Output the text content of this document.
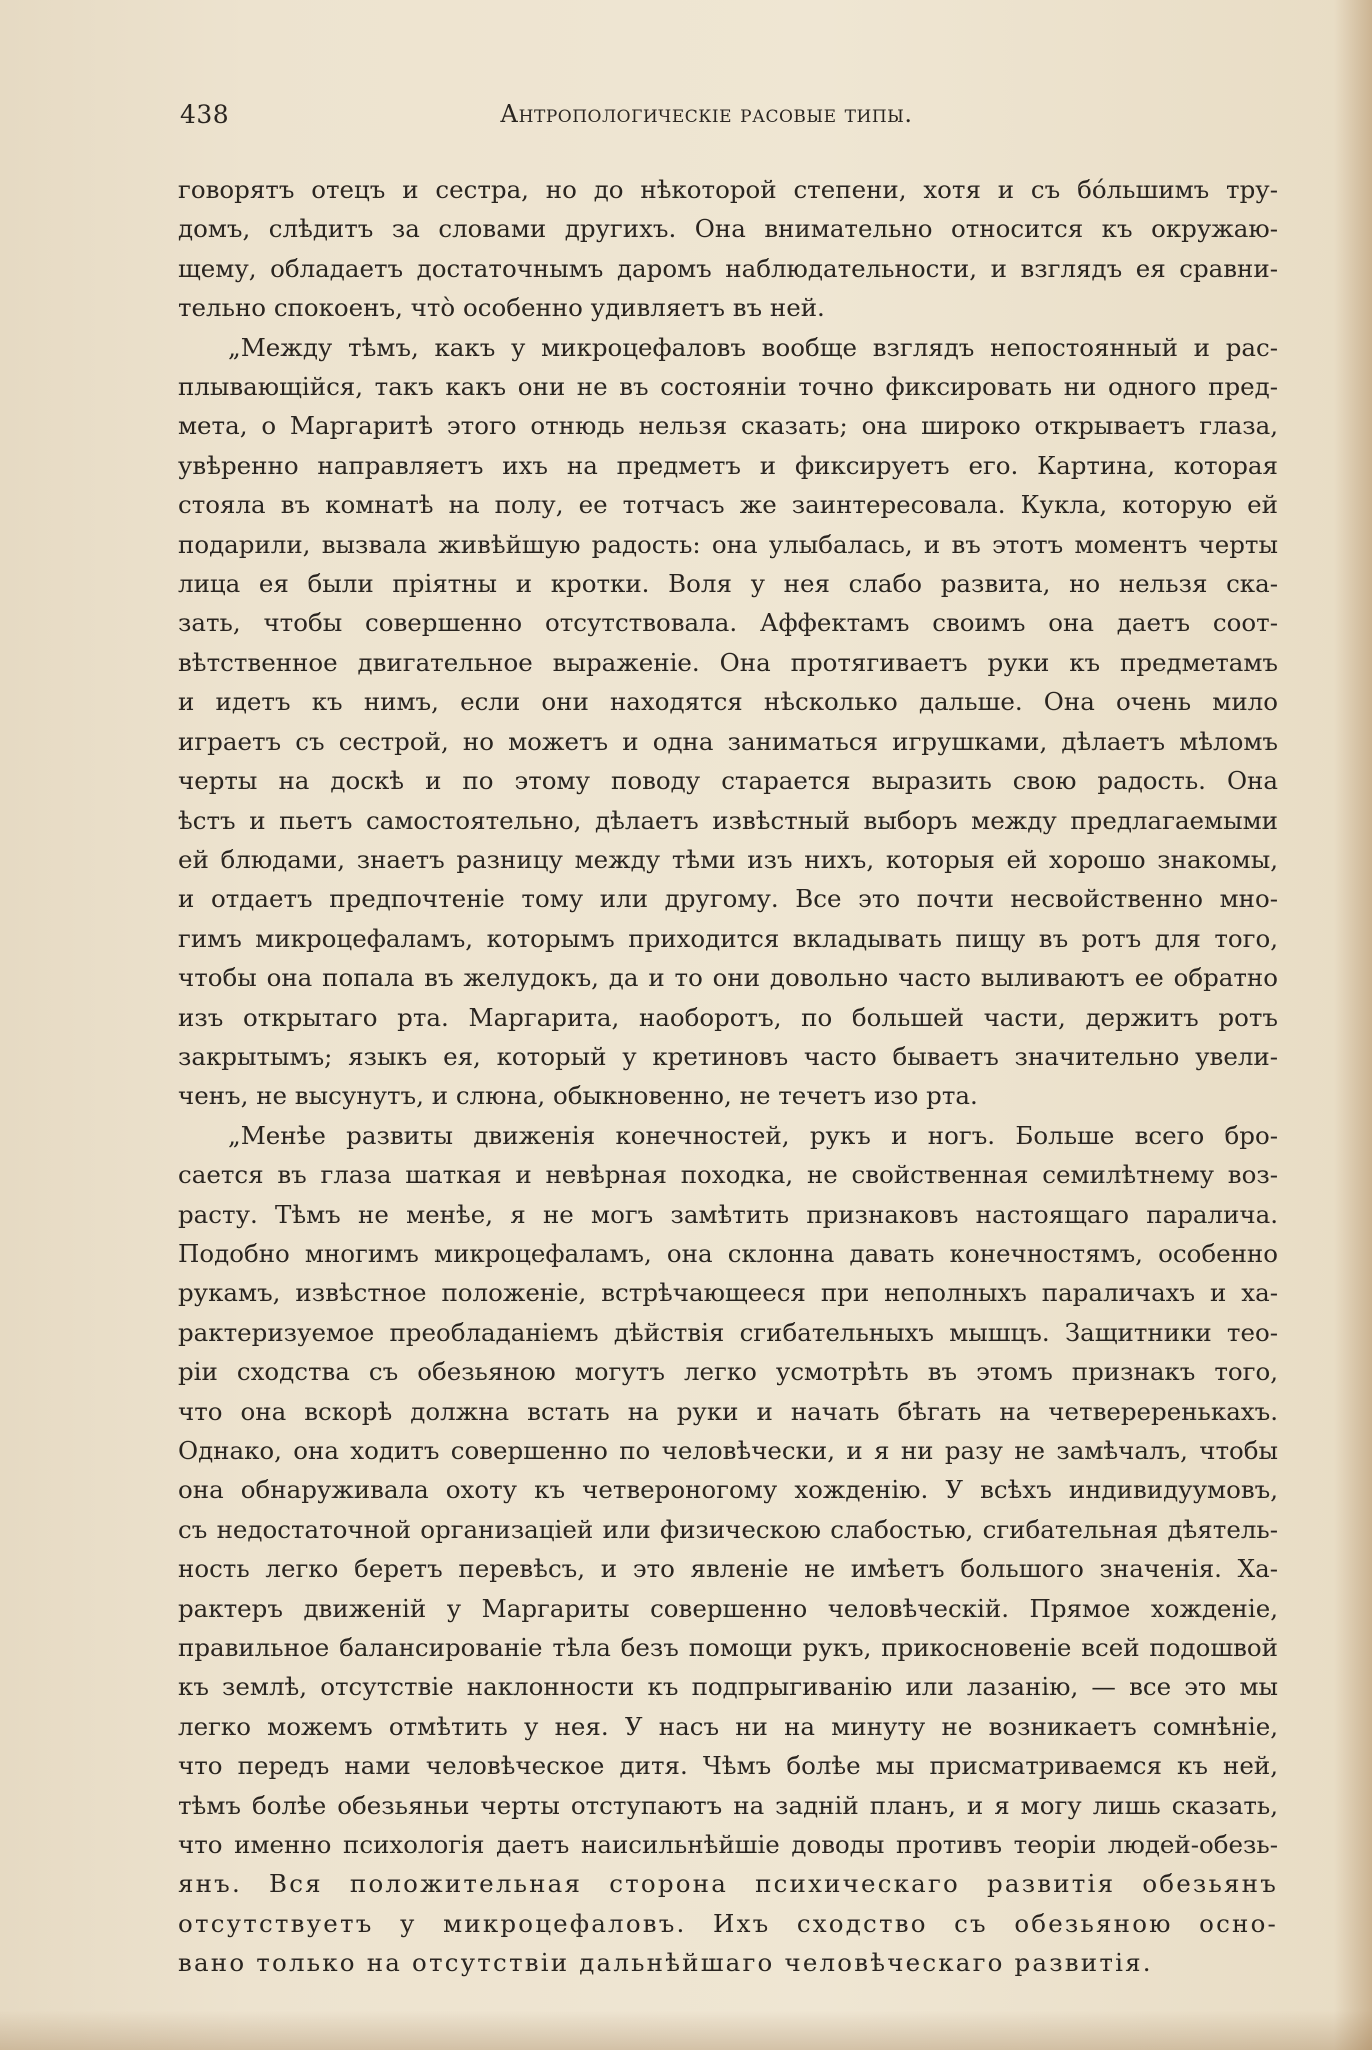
438	Антропологическіе расовые типы.

говорятъ отецъ и сестра, но до нѣкоторой степени, хотя и съ бо́льшимъ тру-

домъ, слѣдитъ за словами другихъ. Она внимательно относится къ окружаю-

щему, обладаетъ достаточнымъ даромъ наблюдательности, и взглядъ ея сравни-

тельно спокоенъ, что̀ особенно удивляетъ въ ней.

„Между тѣмъ, какъ у микроцефаловъ вообще взглядъ непостоянный и рас-

плывающійся, такъ какъ они не въ состояніи точно фиксировать ни одного пред-

мета, о Маргаритѣ этого отнюдь нельзя сказать; она широко открываетъ глаза,

увѣренно направляетъ ихъ на предметъ и фиксируетъ его. Картина, которая

стояла въ комнатѣ на полу, ее тотчасъ же заинтересовала. Кукла, которую ей

подарили, вызвала живѣйшую радость: она улыбалась, и въ этотъ моментъ черты

лица ея были пріятны и кротки. Воля у нея слабо развита, но нельзя ска-

зать, чтобы совершенно отсутствовала. Аффектамъ своимъ она даетъ соот-

вѣтственное двигательное выраженіе. Она протягиваетъ руки къ предметамъ

и идетъ къ нимъ, если они находятся нѣсколько дальше. Она очень мило

играетъ съ сестрой, но можетъ и одна заниматься игрушками, дѣлаетъ мѣломъ

черты на доскѣ и по этому поводу старается выразить свою радость. Она

ѣстъ и пьетъ самостоятельно, дѣлаетъ извѣстный выборъ между предлагаемыми

ей блюдами, знаетъ разницу между тѣми изъ нихъ, которыя ей хорошо знакомы,

и отдаетъ предпочтеніе тому или другому. Все это почти несвойственно мно-

гимъ микроцефаламъ, которымъ приходится вкладывать пищу въ ротъ для того,

чтобы она попала въ желудокъ, да и то они довольно часто выливаютъ ее обратно

изъ открытаго рта. Маргарита, наоборотъ, по большей части, держитъ ротъ

закрытымъ; языкъ ея, который у кретиновъ часто бываетъ значительно увели-

ченъ, не высунутъ, и слюна, обыкновенно, не течетъ изо рта.

„Менѣе развиты движенія конечностей, рукъ и ногъ. Больше всего бро-

сается въ глаза шаткая и невѣрная походка, не свойственная семилѣтнему воз-

расту. Тѣмъ не менѣе, я не могъ замѣтить признаковъ настоящаго паралича.

Подобно многимъ микроцефаламъ, она склонна давать конечностямъ, особенно

рукамъ, извѣстное положеніе, встрѣчающееся при неполныхъ параличахъ и ха-

рактеризуемое преобладаніемъ дѣйствія сгибательныхъ мышцъ. Защитники тео-

ріи сходства съ обезьяною могутъ легко усмотрѣть въ этомъ признакъ того,

что она вскорѣ должна встать на руки и начать бѣгать на четвереренькахъ.

Однако, она ходитъ совершенно по человѣчески, и я ни разу не замѣчалъ, чтобы

она обнаруживала охоту къ четвероногому хожденію. У всѣхъ индивидуумовъ,

съ недостаточной организаціей или физическою слабостью, сгибательная дѣятель-

ность легко беретъ перевѣсъ, и это явленіе не имѣетъ большого значенія. Ха-

рактеръ движеній у Маргариты совершенно человѣческій. Прямое хожденіе,

правильное балансированіе тѣла безъ помощи рукъ, прикосновеніе всей подошвой

къ землѣ, отсутствіе наклонности къ подпрыгиванію или лазанію, — все это мы

легко можемъ отмѣтить у нея. У насъ ни на минуту не возникаетъ сомнѣніе,

что передъ нами человѣческое дитя. Чѣмъ болѣе мы присматриваемся къ ней,

тѣмъ болѣе обезьяньи черты отступаютъ на задній планъ, и я могу лишь сказать,

что именно психологія даетъ наисильнѣйшіе доводы противъ теоріи людей-обезь-

янъ. Вся положительная сторона психическаго развитія обезьянъ

отсутствуетъ у микроцефаловъ. Ихъ сходство съ обезьяною осно-

вано только на отсутствіи дальнѣйшаго человѣческаго развитія.
